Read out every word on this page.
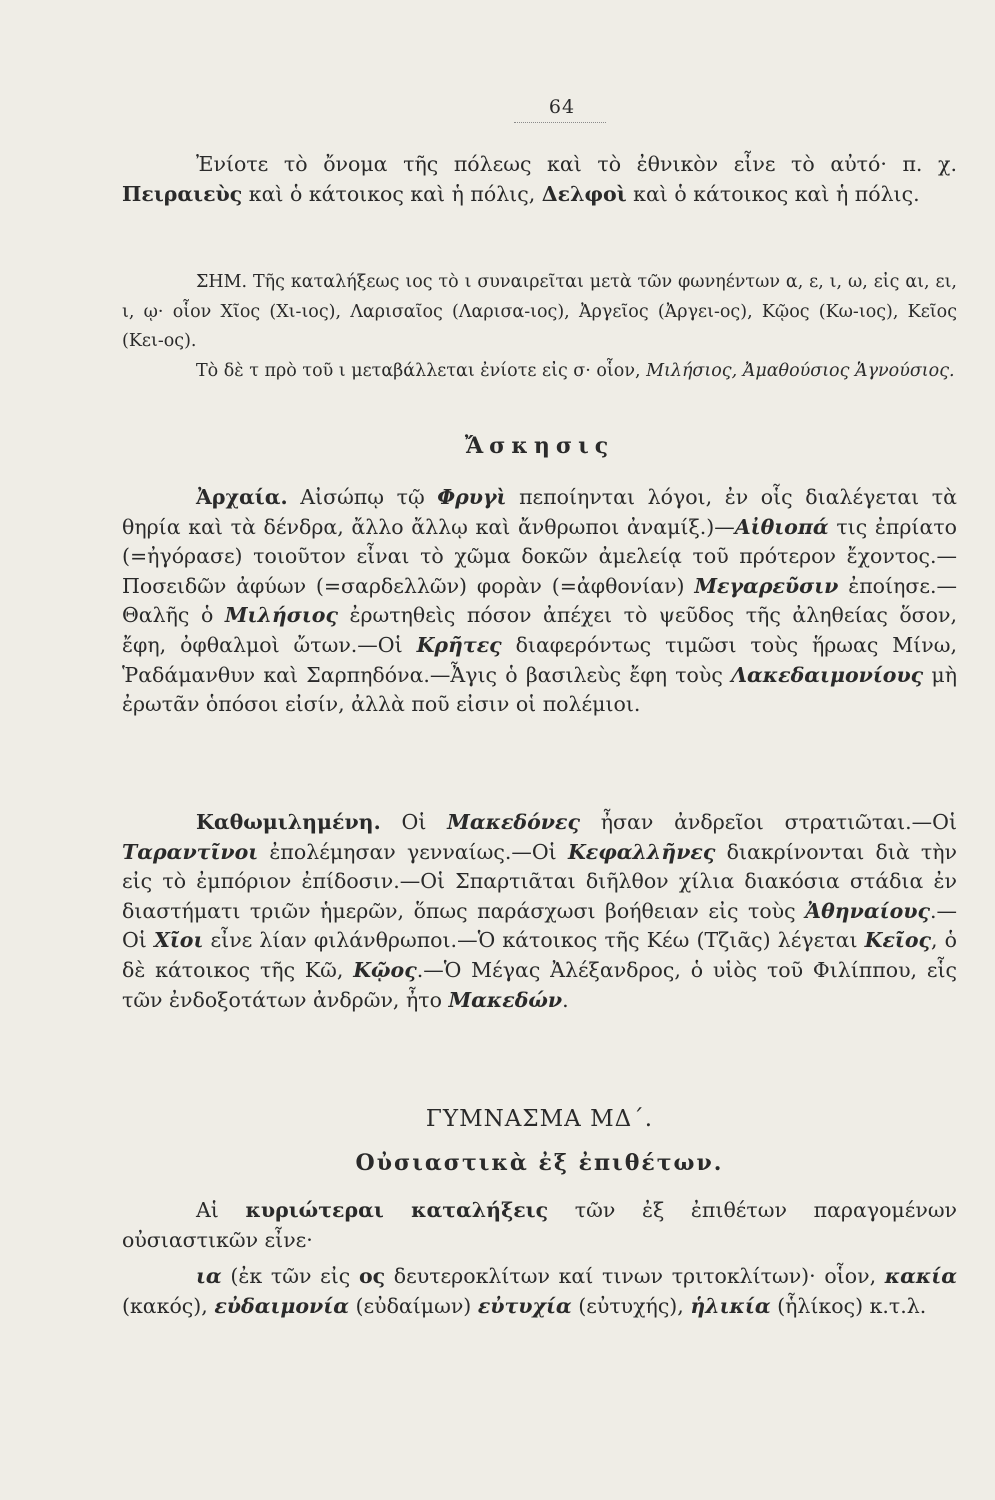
64

Ἐνίοτε τὸ ὄνομα τῆς πόλεως καὶ τὸ ἐθνικὸν εἶνε τὸ αὐτό· π. χ. Πειραιεὺς καὶ ὁ κάτοικος καὶ ἡ πόλις, Δελφοὶ καὶ ὁ κάτοικος καὶ ἡ πόλις.

ΣΗΜ. Τῆς καταλήξεως ιος τὸ ι συναιρεῖται μετὰ τῶν φωνηέντων α, ε, ι, ω, εἰς αι, ει, ι, ῳ· οἷον Χῖος (Χι-ιος), Λαρισαῖος (Λαρισα-ιος), Ἀργεῖος (Ἀργει-ος), Κῷος (Κω-ιος), Κεῖος (Κει-ος).

Τὸ δὲ τ πρὸ τοῦ ι μεταβάλλεται ἐνίοτε εἰς σ· οἷον, Μιλήσιος, Ἀμαθούσιος Ἁγνούσιος.

Ἄσκησις

Ἀρχαία. Αἰσώπῳ τῷ Φρυγὶ πεποίηνται λόγοι, ἐν οἷς διαλέγεται τὰ θηρία καὶ τὰ δένδρα, ἄλλο ἄλλῳ καὶ ἄνθρωποι ἀναμίξ.)—Αἰθιοπά τις ἐπρίατο (=ἠγόρασε) τοιοῦτον εἶναι τὸ χῶμα δοκῶν ἀμελείᾳ τοῦ πρότερον ἔχοντος.—Ποσειδῶν ἀφύων (=σαρδελλῶν) φορὰν (=ἀφθονίαν) Μεγαρεῦσιν ἐποίησε.—Θαλῆς ὁ Μιλήσιος ἐρωτηθεὶς πόσον ἀπέχει τὸ ψεῦδος τῆς ἀληθείας ὅσον, ἔφη, ὀφθαλμοὶ ὤτων.—Οἱ Κρῆτες διαφερόντως τιμῶσι τοὺς ἥρωας Μίνω, Ῥαδάμανθυν καὶ Σαρπηδόνα.—Ἆγις ὁ βασιλεὺς ἔφη τοὺς Λακεδαιμονίους μὴ ἐρωτᾶν ὁπόσοι εἰσίν, ἀλλὰ ποῦ εἰσιν οἱ πολέμιοι.

Καθωμιλημένη. Οἱ Μακεδόνες ἦσαν ἀνδρεῖοι στρατιῶται.—Οἱ Ταραντῖνοι ἐπολέμησαν γενναίως.—Οἱ Κεφαλλῆνες διακρίνονται διὰ τὴν εἰς τὸ ἐμπόριον ἐπίδοσιν.—Οἱ Σπαρτιᾶται διῆλθον χίλια διακόσια στάδια ἐν διαστήματι τριῶν ἡμερῶν, ὅπως παράσχωσι βοήθειαν εἰς τοὺς Ἀθηναίους.—Οἱ Χῖοι εἶνε λίαν φιλάνθρωποι.—Ὁ κάτοικος τῆς Κέω (Τζιᾶς) λέγεται Κεῖος, ὁ δὲ κάτοικος τῆς Κῶ, Κῷος.—Ὁ Μέγας Ἀλέξανδρος, ὁ υἱὸς τοῦ Φιλίππου, εἷς τῶν ἐνδοξοτάτων ἀνδρῶν, ἦτο Μακεδών.

ΓΥΜΝΑΣΜΑ ΜΔ΄.
Οὐσιαστικὰ ἐξ ἐπιθέτων.

Αἱ κυριώτεραι καταλήξεις τῶν ἐξ ἐπιθέτων παραγομένων οὐσιαστικῶν εἶνε·

ια (ἐκ τῶν εἰς ος δευτεροκλίτων καί τινων τριτοκλίτων)· οἷον, κακία (κακός), εὐδαιμονία (εὐδαίμων) εὐτυχία (εὐτυχής), ἡλικία (ἧλίκος) κ.τ.λ.
